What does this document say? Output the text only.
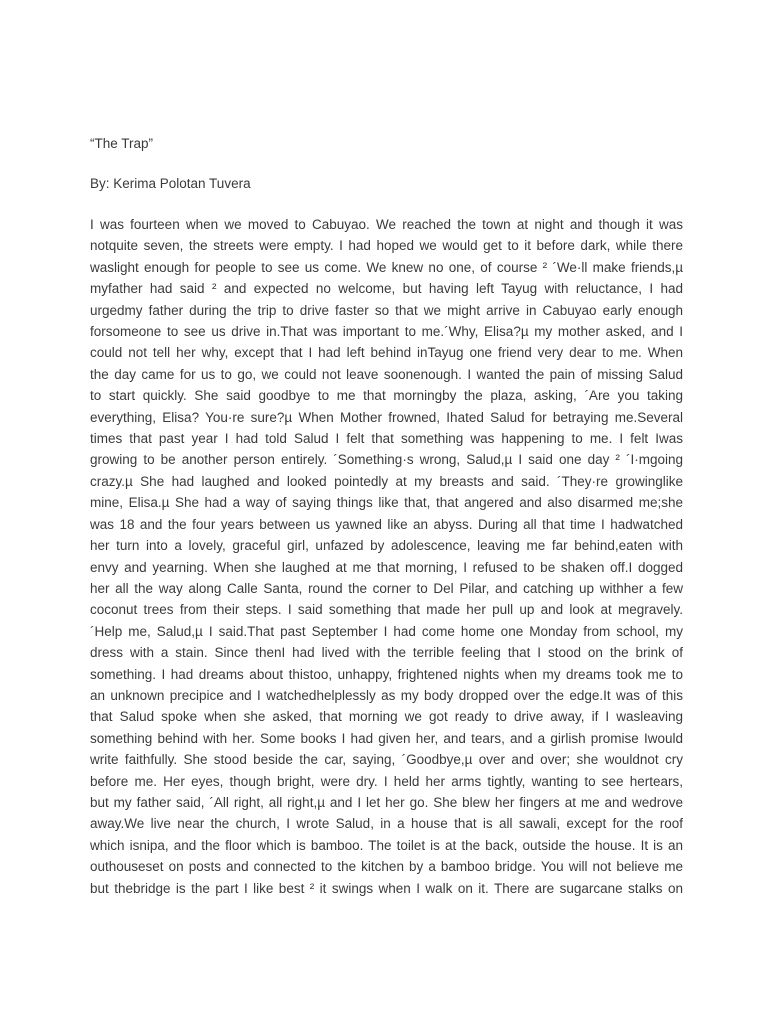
“The Trap”

By: Kerima Polotan Tuvera

I was fourteen when we moved to Cabuyao. We reached the town at night and though it was
notquite seven, the streets were empty. I had hoped we would get to it before dark, while there
waslight enough for people to see us come. We knew no one, of course ² ´We·ll make friends,µ
myfather had said ² and expected no welcome, but having left Tayug with reluctance, I had
urgedmy father during the trip to drive faster so that we might arrive in Cabuyao early enough
forsomeone to see us drive in.That was important to me.´Why, Elisa?µ my mother asked, and I
could not tell her why, except that I had left behind inTayug one friend very dear to me. When
the day came for us to go, we could not leave soonenough. I wanted the pain of missing Salud
to start quickly. She said goodbye to me that morningby the plaza, asking, ´Are you taking
everything, Elisa? You·re sure?µ When Mother frowned, Ihated Salud for betraying me.Several
times that past year I had told Salud I felt that something was happening to me. I felt Iwas
growing to be another person entirely. ´Something·s wrong, Salud,µ I said one day ² ´I·mgoing
crazy.µ She had laughed and looked pointedly at my breasts and said. ´They·re growinglike
mine, Elisa.µ She had a way of saying things like that, that angered and also disarmed me;she
was 18 and the four years between us yawned like an abyss. During all that time I hadwatched
her turn into a lovely, graceful girl, unfazed by adolescence, leaving me far behind,eaten with
envy and yearning. When she laughed at me that morning, I refused to be shaken off.I dogged
her all the way along Calle Santa, round the corner to Del Pilar, and catching up withher a few
coconut trees from their steps. I said something that made her pull up and look at megravely.
´Help me, Salud,µ I said.That past September I had come home one Monday from school, my
dress with a stain. Since thenI had lived with the terrible feeling that I stood on the brink of
something. I had dreams about thistoo, unhappy, frightened nights when my dreams took me to
an unknown precipice and I watchedhelplessly as my body dropped over the edge.It was of this
that Salud spoke when she asked, that morning we got ready to drive away, if I wasleaving
something behind with her. Some books I had given her, and tears, and a girlish promise Iwould
write faithfully. She stood beside the car, saying, ´Goodbye,µ over and over; she wouldnot cry
before me. Her eyes, though bright, were dry. I held her arms tightly, wanting to see hertears,
but my father said, ´All right, all right,µ and I let her go. She blew her fingers at me and wedrove
away.We live near the church, I wrote Salud, in a house that is all sawali, except for the roof
which isnipa, and the floor which is bamboo. The toilet is at the back, outside the house. It is an
outhouseset on posts and connected to the kitchen by a bamboo bridge. You will not believe me
but thebridge is the part I like best ² it swings when I walk on it. There are sugarcane stalks on
